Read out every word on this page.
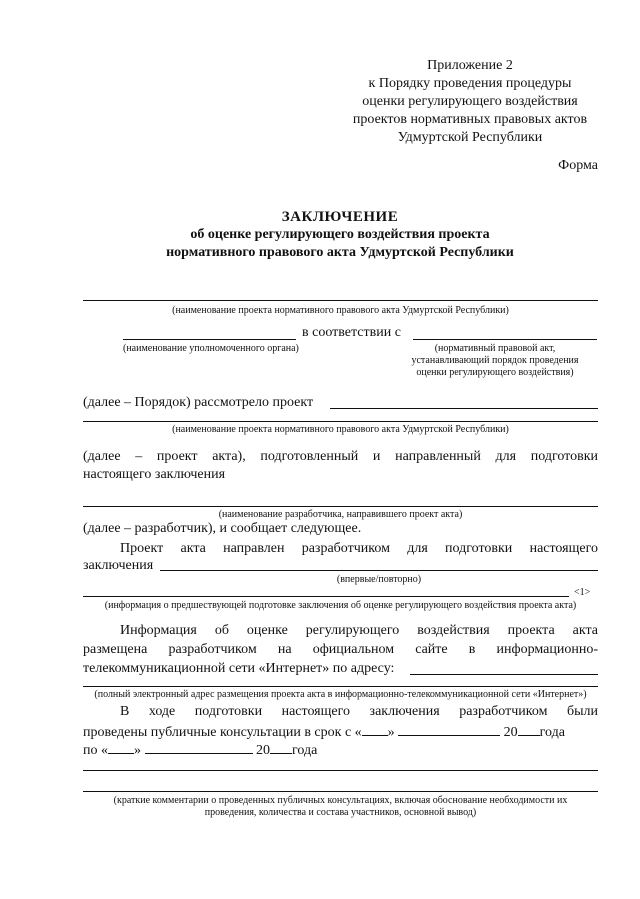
Приложение 2
к Порядку проведения процедуры
оценки регулирующего воздействия
проектов нормативных правовых актов
Удмуртской Республики
Форма
ЗАКЛЮЧЕНИЕ
об оценке регулирующего воздействия проекта
нормативного правового акта Удмуртской Республики
(наименование проекта нормативного правового акта Удмуртской Республики)
в соответствии с
(наименование уполномоченного органа)	(нормативный правовой акт,
устанавливающий порядок проведения
оценки регулирующего воздействия)
(далее – Порядок) рассмотрело проект
(наименование проекта нормативного правового акта Удмуртской Республики)
(далее – проект акта), подготовленный и направленный для подготовки
настоящего заключения
(наименование разработчика, направившего проект акта)
(далее – разработчик), и сообщает следующее.
Проект акта направлен разработчиком для подготовки настоящего
заключения
(впервые/повторно)
<1>
(информация о предшествующей подготовке заключения об оценке регулирующего воздействия проекта акта)
Информация об оценке регулирующего воздействия проекта акта
размещена разработчиком на официальном сайте в информационно-
телекоммуникационной сети «Интернет» по адресу:
(полный электронный адрес размещения проекта акта в информационно-телекоммуникационной сети «Интернет»)
В ходе подготовки настоящего заключения разработчиком были
проведены публичные консультации в срок с « »	20 года
по « »	20 года
(краткие комментарии о проведенных публичных консультациях, включая обоснование необходимости их
проведения, количества и состава участников, основной вывод)
